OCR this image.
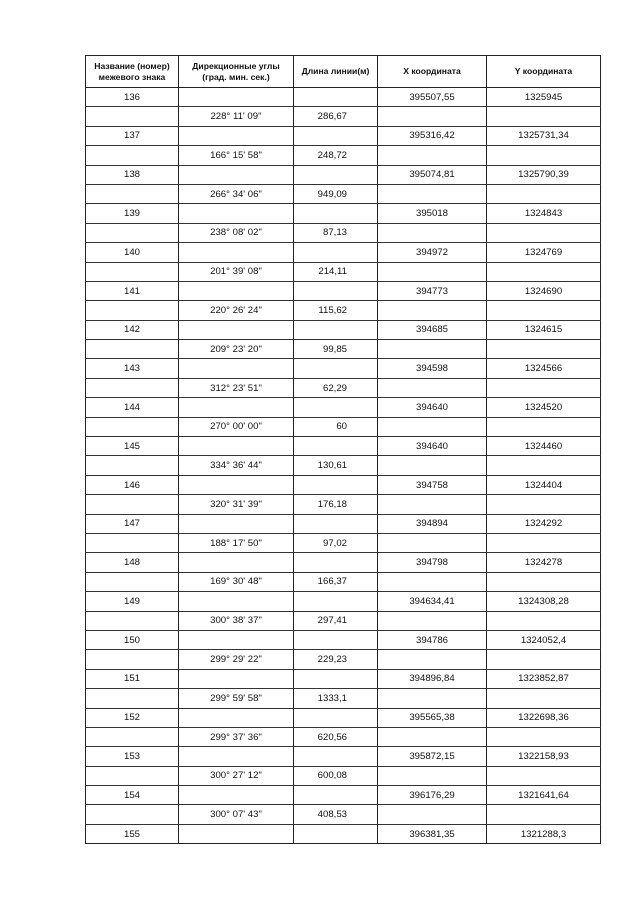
Название (номер) межевого знака	Дирекционные углы (град. мин. сек.)	Длина линии(м)	X координата	Y координата
136			395507,55	1325945
	228° 11' 09"	286,67		
137			395316,42	1325731,34
	166° 15' 58"	248,72		
138			395074,81	1325790,39
	266° 34' 06"	949,09		
139			395018	1324843
	238° 08' 02"	87,13		
140			394972	1324769
	201° 39' 08"	214,11		
141			394773	1324690
	220° 26' 24"	115,62		
142			394685	1324615
	209° 23' 20"	99,85		
143			394598	1324566
	312° 23' 51"	62,29		
144			394640	1324520
	270° 00' 00"	60		
145			394640	1324460
	334° 36' 44"	130,61		
146			394758	1324404
	320° 31' 39"	176,18		
147			394894	1324292
	188° 17' 50"	97,02		
148			394798	1324278
	169° 30' 48"	166,37		
149			394634,41	1324308,28
	300° 38' 37"	297,41		
150			394786	1324052,4
	299° 29' 22"	229,23		
151			394896,84	1323852,87
	299° 59' 58"	1333,1		
152			395565,38	1322698,36
	299° 37' 36"	620,56		
153			395872,15	1322158,93
	300° 27' 12"	600,08		
154			396176,29	1321641,64
	300° 07' 43"	408,53		
155			396381,35	1321288,3
